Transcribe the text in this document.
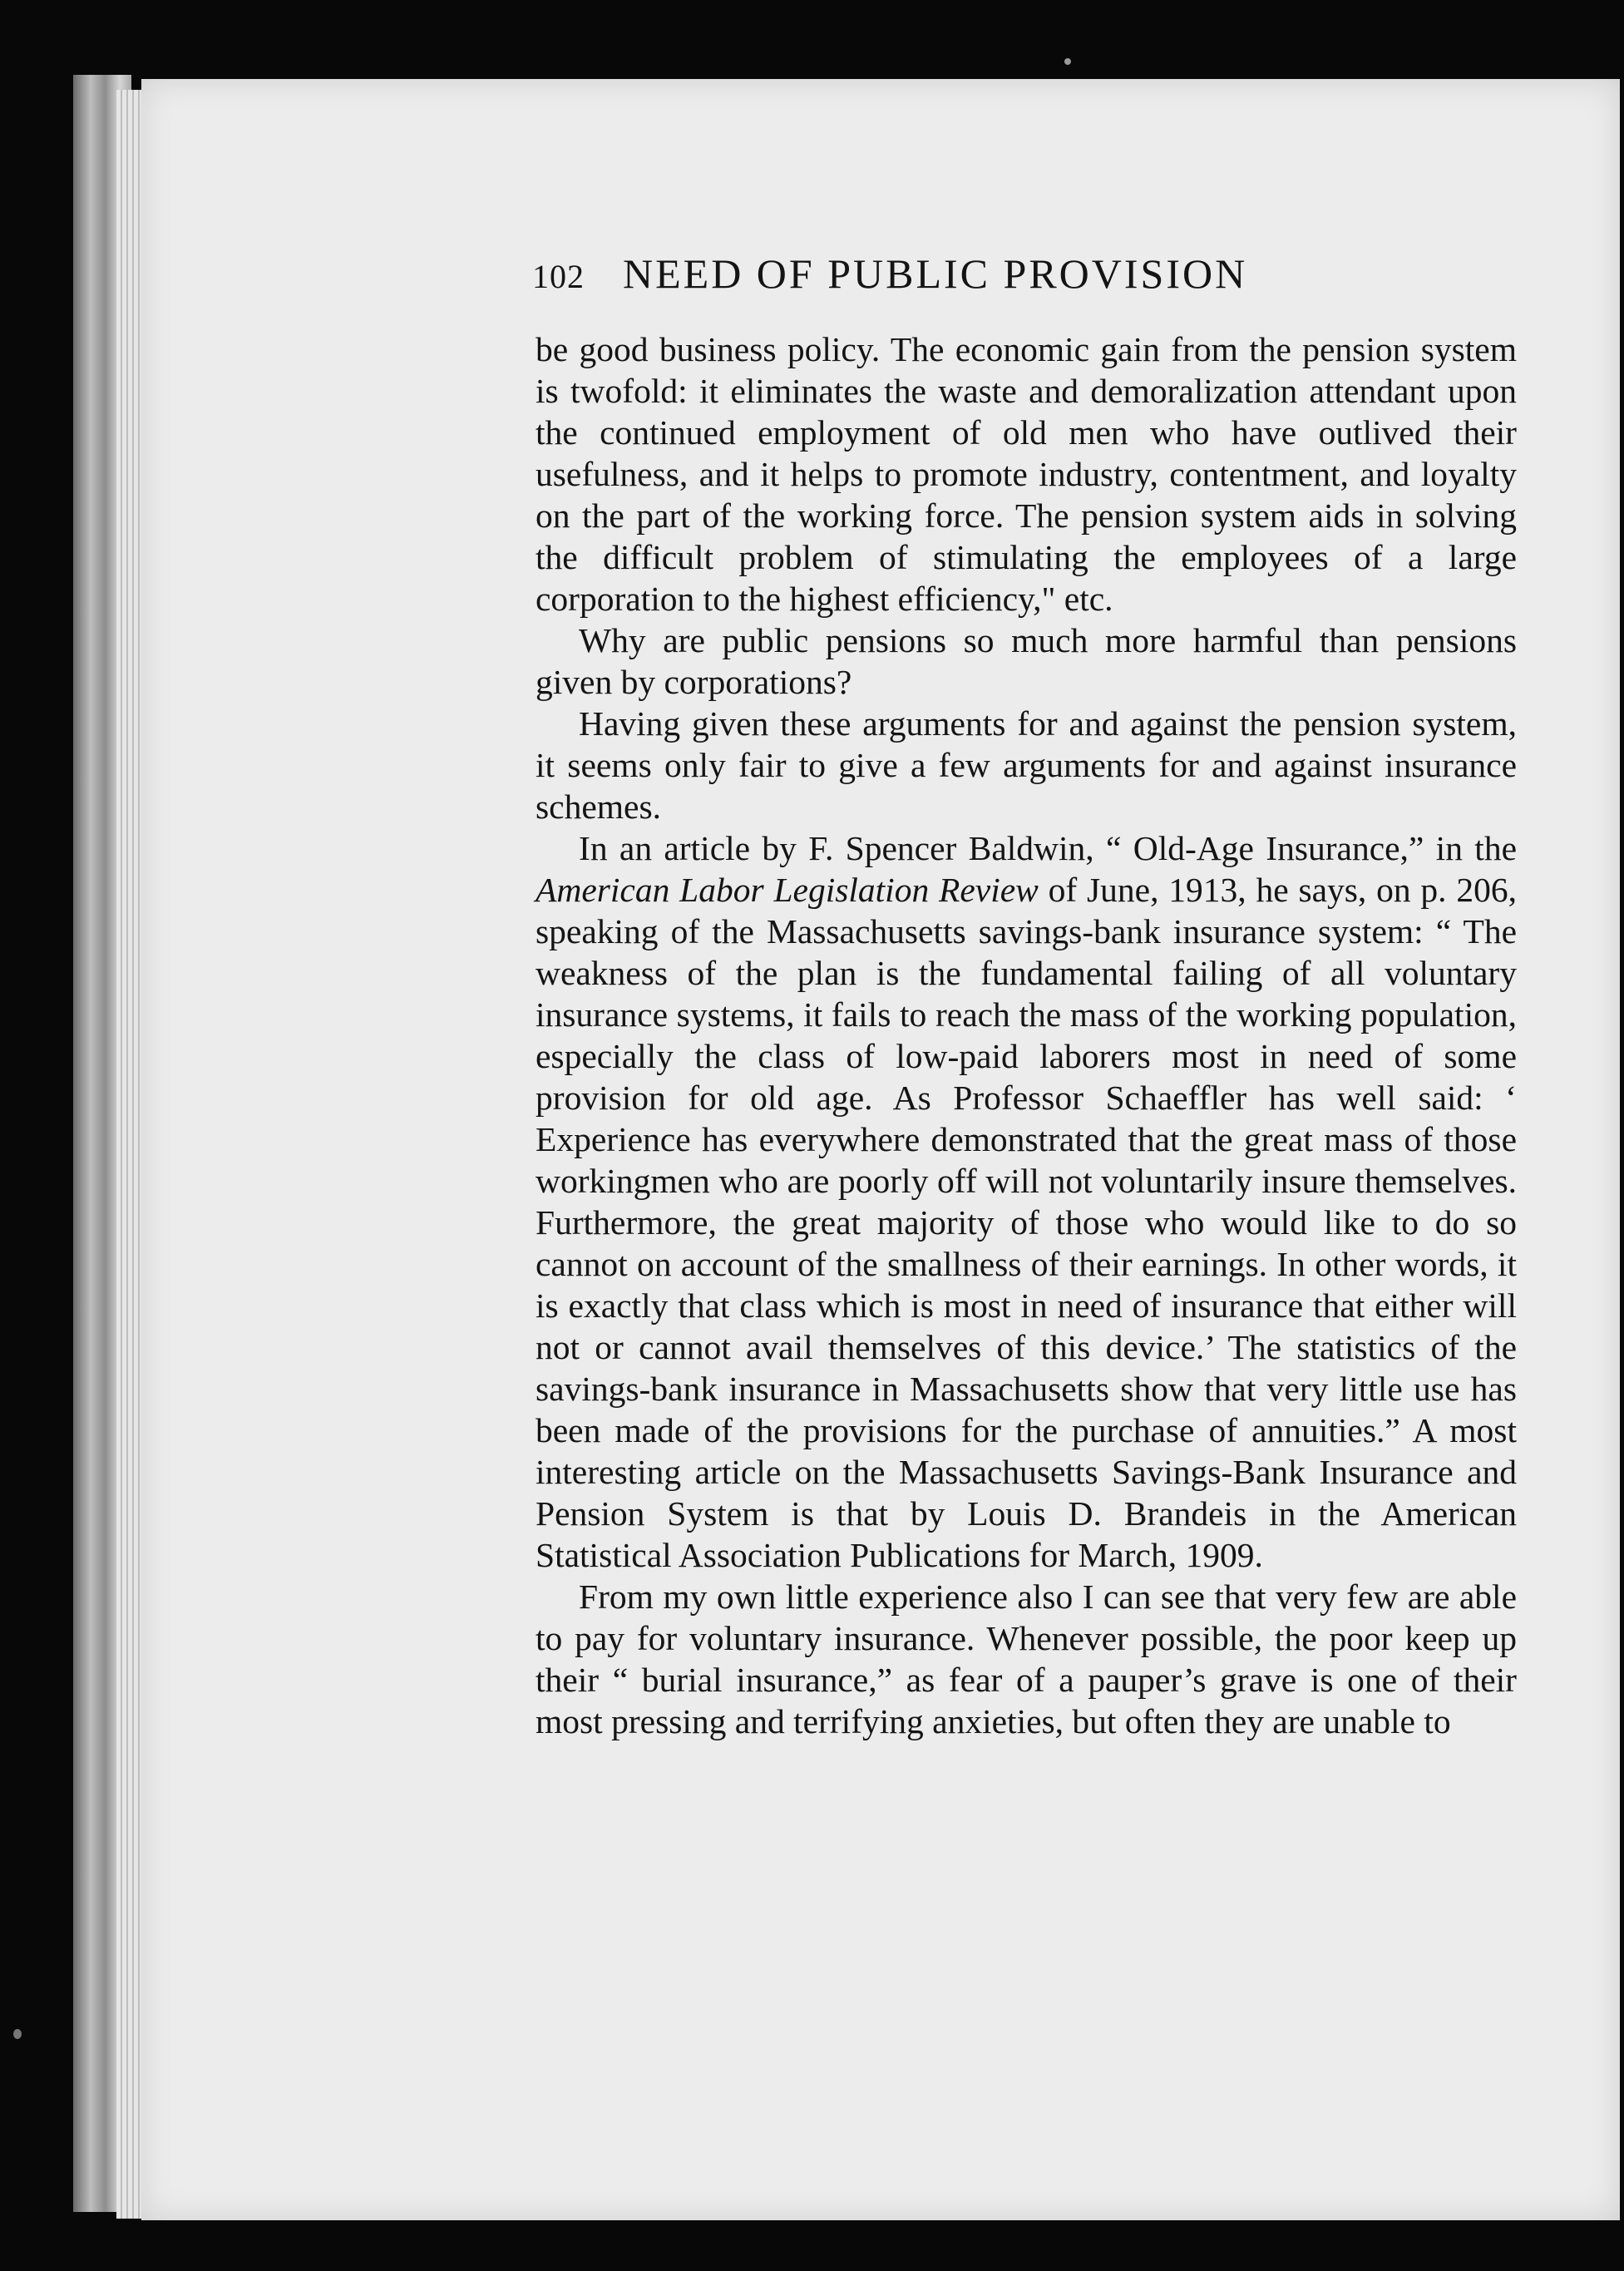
102 NEED OF PUBLIC PROVISION

be good business policy. The economic gain from the pension system is twofold: it eliminates the waste and demoralization attendant upon the continued employment of old men who have outlived their usefulness, and it helps to promote industry, contentment, and loyalty on the part of the working force. The pension system aids in solving the difficult problem of stimulating the employees of a large corporation to the highest efficiency," etc.

Why are public pensions so much more harmful than pensions given by corporations?

Having given these arguments for and against the pension system, it seems only fair to give a few arguments for and against insurance schemes.

In an article by F. Spencer Baldwin, “ Old-Age Insurance,” in the American Labor Legislation Review of June, 1913, he says, on p. 206, speaking of the Massachusetts savings-bank insurance system: “ The weakness of the plan is the fundamental failing of all voluntary insurance systems, it fails to reach the mass of the working population, especially the class of low-paid laborers most in need of some provision for old age. As Professor Schaeffler has well said: ‘ Experience has everywhere demonstrated that the great mass of those workingmen who are poorly off will not voluntarily insure themselves. Furthermore, the great majority of those who would like to do so cannot on account of the smallness of their earnings. In other words, it is exactly that class which is most in need of insurance that either will not or cannot avail themselves of this device.’ The statistics of the savings-bank insurance in Massachusetts show that very little use has been made of the provisions for the purchase of annuities.” A most interesting article on the Massachusetts Savings-Bank Insurance and Pension System is that by Louis D. Brandeis in the American Statistical Association Publications for March, 1909.

From my own little experience also I can see that very few are able to pay for voluntary insurance. Whenever possible, the poor keep up their “ burial insurance,” as fear of a pauper’s grave is one of their most pressing and terrifying anxieties, but often they are unable to
